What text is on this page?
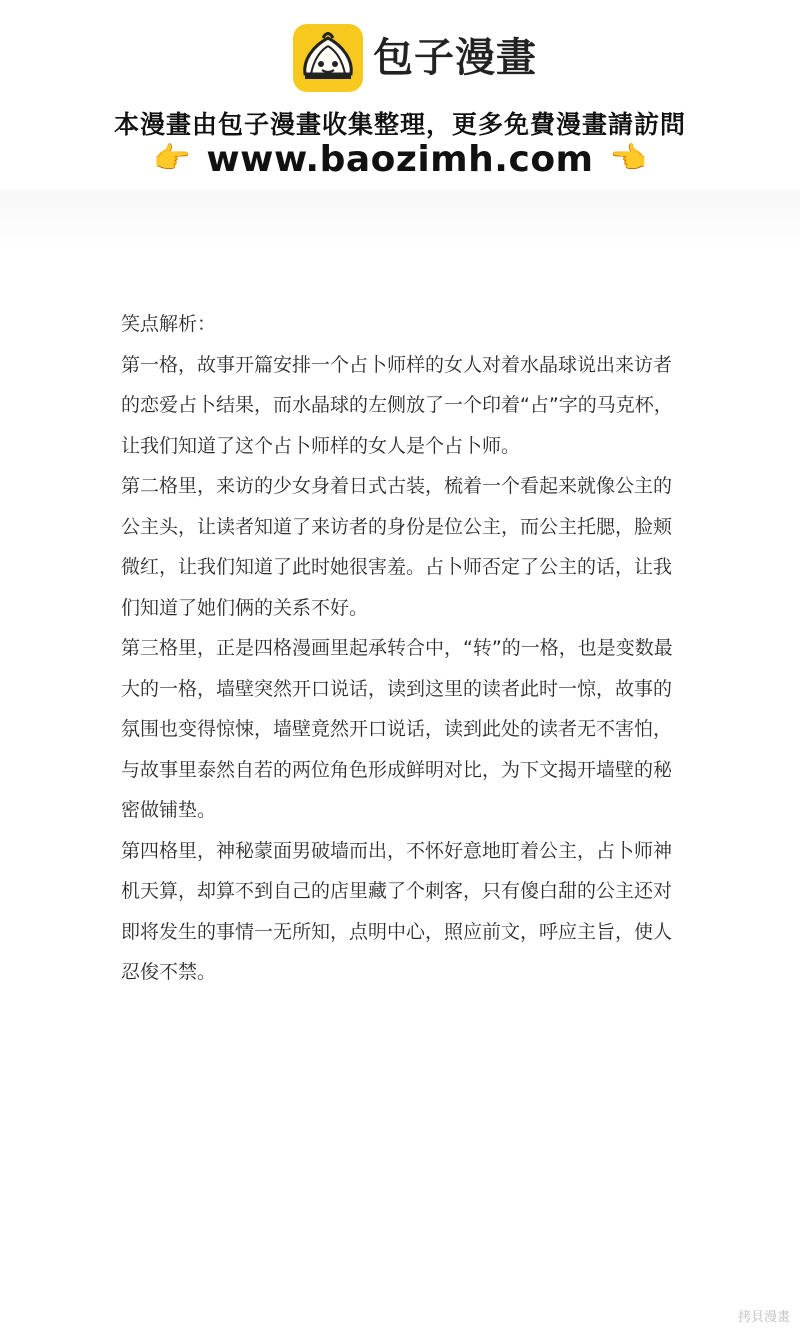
包子漫畫
本漫畫由包子漫畫收集整理，更多免費漫畫請訪問
👉 www.baozimh.com 👈

笑点解析：

第一格，故事开篇安排一个占卜师样的女人对着水晶球说出来访者的恋爱占卜结果，而水晶球的左侧放了一个印着“占”字的马克杯，让我们知道了这个占卜师样的女人是个占卜师。

第二格里，来访的少女身着日式古装，梳着一个看起来就像公主的公主头，让读者知道了来访者的身份是位公主，而公主托腮，脸颊微红，让我们知道了此时她很害羞。占卜师否定了公主的话，让我们知道了她们俩的关系不好。

第三格里，正是四格漫画里起承转合中，“转”的一格，也是变数最大的一格，墙壁突然开口说话，读到这里的读者此时一惊，故事的氛围也变得惊悚，墙壁竟然开口说话，读到此处的读者无不害怕，与故事里泰然自若的两位角色形成鲜明对比，为下文揭开墙壁的秘密做铺垫。

第四格里，神秘蒙面男破墙而出，不怀好意地盯着公主，占卜师神机天算，却算不到自己的店里藏了个刺客，只有傻白甜的公主还对即将发生的事情一无所知，点明中心，照应前文，呼应主旨，使人忍俊不禁。

拷貝漫畫
